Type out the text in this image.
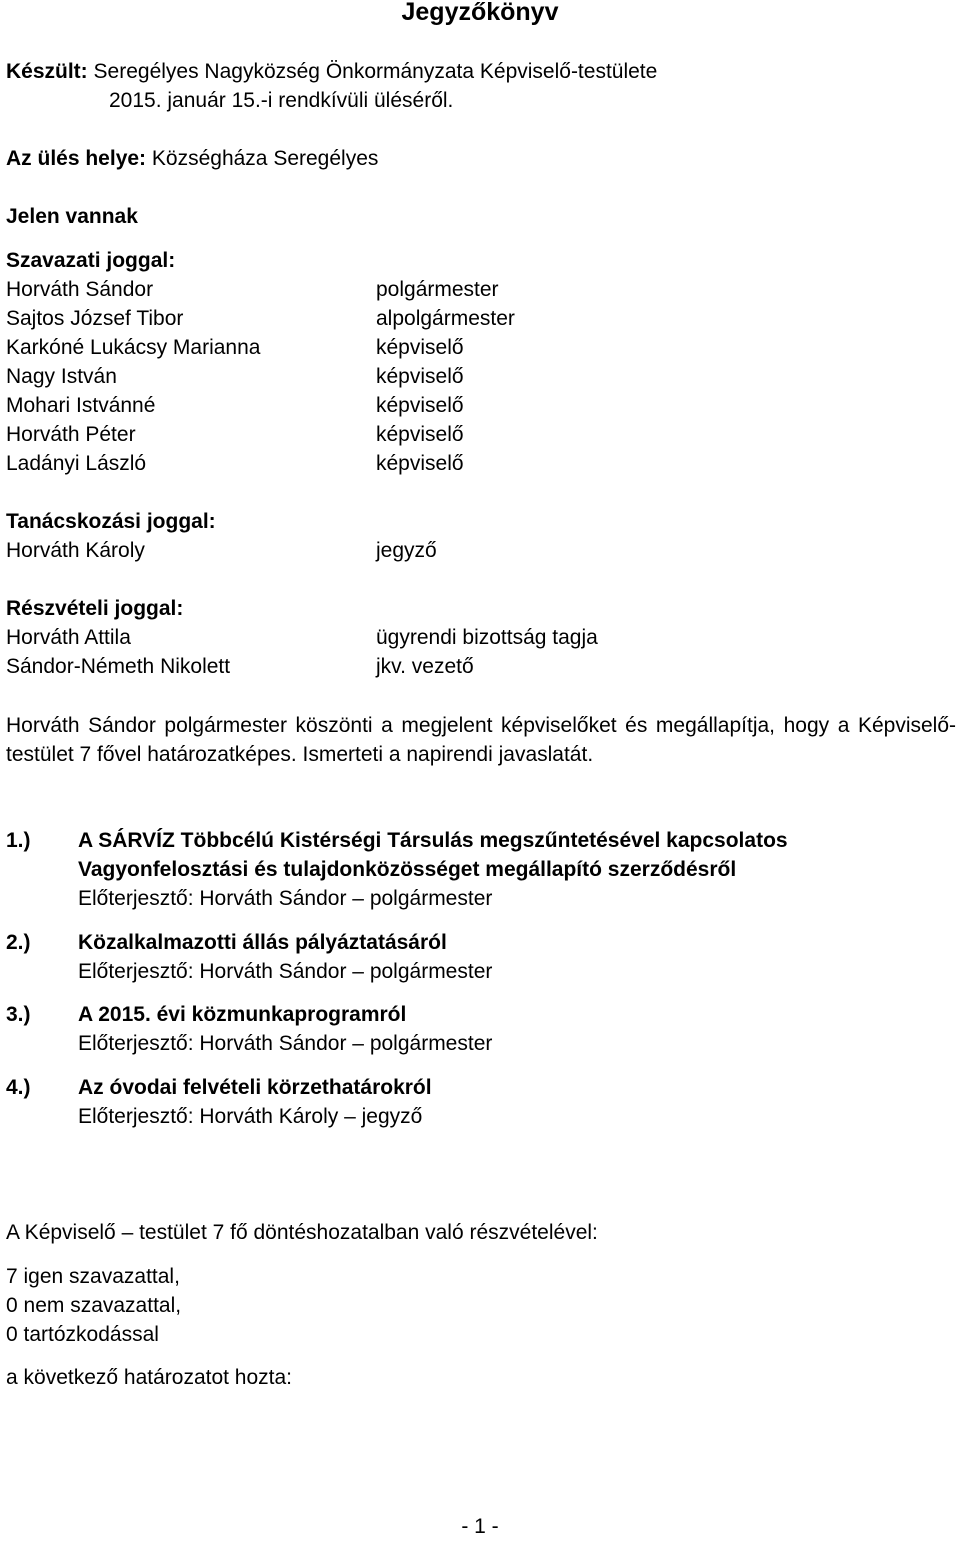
Jegyzőkönyv
Készült: Seregélyes Nagyközség Önkormányzata Képviselő-testülete
2015. január 15.-i rendkívüli üléséről.
Az ülés helye: Községháza Seregélyes
Jelen vannak
Szavazati joggal:
Horváth Sándor	polgármester
Sajtos József Tibor	alpolgármester
Karkóné Lukácsy Marianna	képviselő
Nagy István	képviselő
Mohari Istvánné	képviselő
Horváth Péter	képviselő
Ladányi László	képviselő
Tanácskozási joggal:
Horváth Károly	jegyző
Részvételi joggal:
Horváth Attila	ügyrendi bizottság tagja
Sándor-Németh Nikolett	jkv. vezető
Horváth Sándor polgármester köszönti a megjelent képviselőket és megállapítja, hogy a Képviselő-testület 7 fővel határozatképes. Ismerteti a napirendi javaslatát.
1.) A SÁRVÍZ Többcélú Kistérségi Társulás megszűntetésével kapcsolatos
Vagyonfelosztási és tulajdonközösséget megállapító szerződésről
Előterjesztő: Horváth Sándor – polgármester
2.) Közalkalmazotti állás pályáztatásáról
Előterjesztő: Horváth Sándor – polgármester
3.) A 2015. évi közmunkaprogramról
Előterjesztő: Horváth Sándor – polgármester
4.) Az óvodai felvételi körzethatárokról
Előterjesztő: Horváth Károly – jegyző
A Képviselő – testület 7 fő döntéshozatalban való részvételével:
7 igen szavazattal,
0 nem szavazattal,
0 tartózkodással
a következő határozatot hozta:
- 1 -
